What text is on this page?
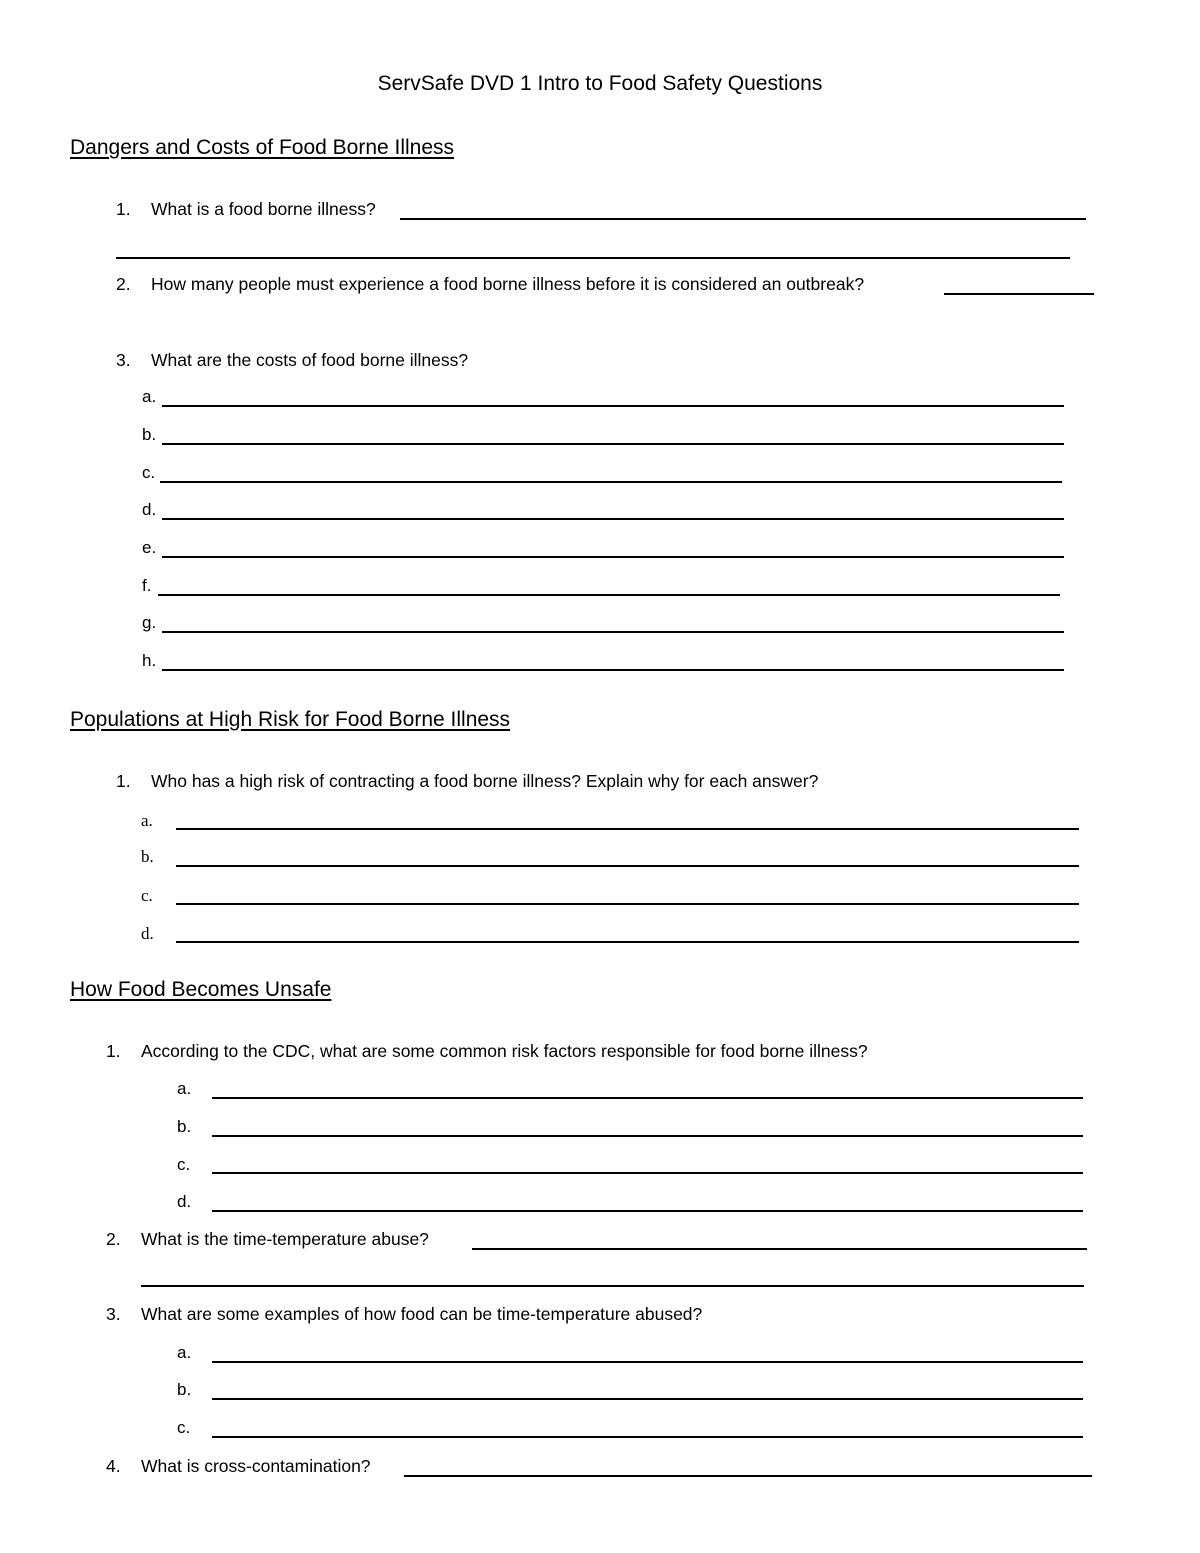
ServSafe DVD 1 Intro to Food Safety Questions
Dangers and Costs of Food Borne Illness
1. What is a food borne illness?
2. How many people must experience a food borne illness before it is considered an outbreak?
3. What are the costs of food borne illness?
a.
b.
c.
d.
e.
f.
g.
h.
Populations at High Risk for Food Borne Illness
1. Who has a high risk of contracting a food borne illness? Explain why for each answer?
a.
b.
c.
d.
How Food Becomes Unsafe
1. According to the CDC, what are some common risk factors responsible for food borne illness?
a.
b.
c.
d.
2. What is the time-temperature abuse?
3. What are some examples of how food can be time-temperature abused?
a.
b.
c.
4. What is cross-contamination?
